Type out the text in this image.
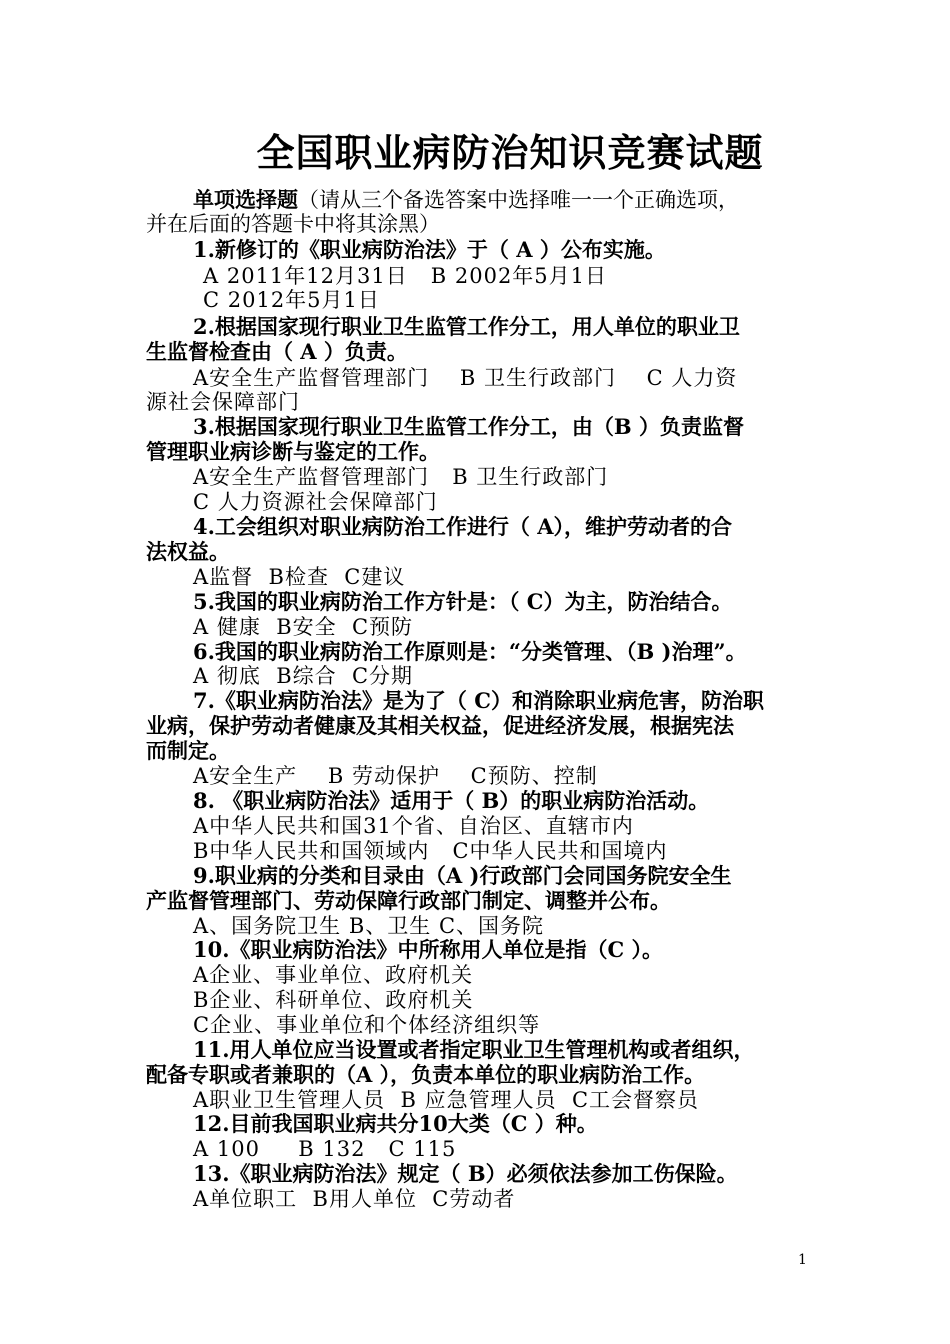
全国职业病防治知识竞赛试题
单项选择题（请从三个备选答案中选择唯一一个正确选项，
并在后面的答题卡中将其涂黑）
1.新修订的《职业病防治法》于（ A ）公布实施。
A 2011年12月31日   B 2002年5月1日
C 2012年5月1日
2.根据国家现行职业卫生监管工作分工，用人单位的职业卫
生监督检查由（ A ）负责。
A安全生产监督管理部门    B 卫生行政部门    C 人力资
源社会保障部门
3.根据国家现行职业卫生监管工作分工，由（B ）负责监督
管理职业病诊断与鉴定的工作。
A安全生产监督管理部门   B 卫生行政部门
C 人力资源社会保障部门
4.工会组织对职业病防治工作进行（ A），维护劳动者的合
法权益。
A监督  B检查  C建议
5.我国的职业病防治工作方针是：（ C）为主，防治结合。
A 健康  B安全  C预防
6.我国的职业病防治工作原则是：“分类管理、（B )治理”。
A 彻底  B综合  C分期
7.《职业病防治法》是为了（ C）和消除职业病危害，防治职
业病，保护劳动者健康及其相关权益，促进经济发展，根据宪法
而制定。
A安全生产    B 劳动保护    C预防、控制
8. 《职业病防治法》适用于（ B）的职业病防治活动。
A中华人民共和国31个省、自治区、直辖市内
B中华人民共和国领域内   C中华人民共和国境内
9.职业病的分类和目录由（A )行政部门会同国务院安全生
产监督管理部门、劳动保障行政部门制定、调整并公布。
A、国务院卫生 B、卫生 C、国务院
10.《职业病防治法》中所称用人单位是指（C ）。
A企业、事业单位、政府机关
B企业、科研单位、政府机关
C企业、事业单位和个体经济组织等
11.用人单位应当设置或者指定职业卫生管理机构或者组织，
配备专职或者兼职的（A ），负责本单位的职业病防治工作。
A职业卫生管理人员  B 应急管理人员  C工会督察员
12.目前我国职业病共分10大类（C ）种。
A 100     B 132   C 115
13.《职业病防治法》规定（ B）必须依法参加工伤保险。
A单位职工  B用人单位  C劳动者
1
